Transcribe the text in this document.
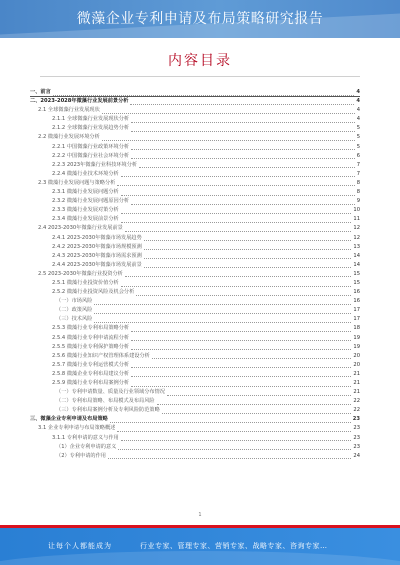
微藻企业专利申请及布局策略研究报告
内容目录
一、前言	4
二、2023-2028年微藻行业发展前景分析	4
2.1 全球微藻行业发展现状	4
2.1.1 全球微藻行业发展现状分析	4
2.1.2 全球微藻行业发展趋势分析	5
2.2 微藻行业发展环境分析	5
2.2.1 中国微藻行业政策环境分析	5
2.2.2 中国微藻行业社会环境分析	6
2.2.3 2023年微藻行业科技环境分析	7
2.2.4 微藻行业技术环境分析	7
2.3 微藻行业发展问题与策略分析	8
2.3.1 微藻行业发展问题分析	8
2.3.2 微藻行业发展问题原因分析	9
2.3.3 微藻行业发展对策分析	10
2.3.4 微藻行业发展前景分析	11
2.4 2023-2030年微藻行业发展前景	12
2.4.1 2023-2030年微藻市场发展趋势	12
2.4.2 2023-2030年微藻市场规模预测	13
2.4.3 2023-2030年微藻市场需求预测	14
2.4.4 2023-2030年微藻市场发展前景	14
2.5 2023-2030年微藻行业投资分析	15
2.5.1 微藻行业投资价值分析	15
2.5.2 微藻行业投资风险及机会分析	16
（一）市场风险	16
（二）政策风险	17
（三）技术风险	17
2.5.3 微藻行业专利布局策略分析	18
2.5.4 微藻行业专利申请流程分析	19
2.5.5 微藻行业专利保护策略分析	19
2.5.6 微藻行业知识产权管理体系建设分析	20
2.5.7 微藻行业专利运营模式分析	20
2.5.8 微藻企业专利布局建议分析	21
2.5.9 微藻行业专利布局案例分析	21
（一）专利申请数量、质量及行业领域分布情况	21
（二）专利布局策略、布局模式及布局风险	22
（三）专利布局案例分析及专利风险防范策略	22
三、微藻企业专利申请及布局策略	23
3.1 企业专利申请与布局策略概述	23
3.1.1 专利申请的意义与作用	23
（1）企业专利申请的意义	23
（2）专利申请的作用	24
1
让每个人都能成为	行业专家、管理专家、营销专家、战略专家、咨询专家…
